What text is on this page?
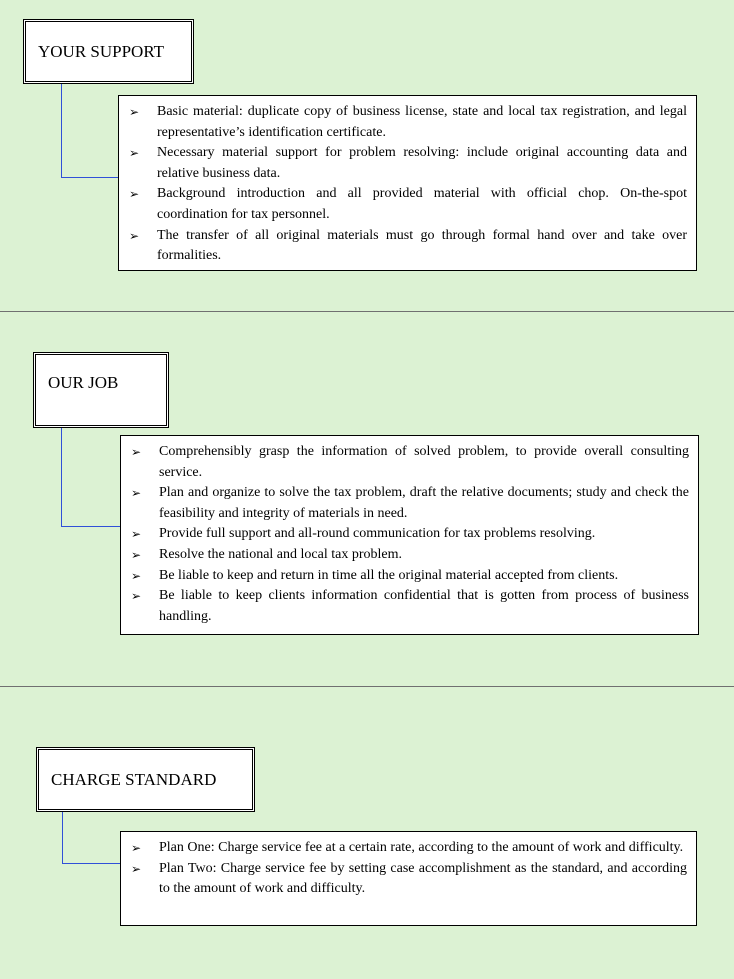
YOUR SUPPORT
➢ Basic material: duplicate copy of business license, state and local tax registration, and legal representative’s identification certificate.
➢ Necessary material support for problem resolving: include original accounting data and relative business data.
➢ Background introduction and all provided material with official chop. On-the-spot coordination for tax personnel.
➢ The transfer of all original materials must go through formal hand over and take over formalities.
OUR JOB
➢ Comprehensibly grasp the information of solved problem, to provide overall consulting service.
➢ Plan and organize to solve the tax problem, draft the relative documents; study and check the feasibility and integrity of materials in need.
➢ Provide full support and all-round communication for tax problems resolving.
➢ Resolve the national and local tax problem.
➢ Be liable to keep and return in time all the original material accepted from clients.
➢ Be liable to keep clients information confidential that is gotten from process of business handling.
CHARGE STANDARD
➢ Plan One: Charge service fee at a certain rate, according to the amount of work and difficulty.
➢ Plan Two: Charge service fee by setting case accomplishment as the standard, and according to the amount of work and difficulty.
